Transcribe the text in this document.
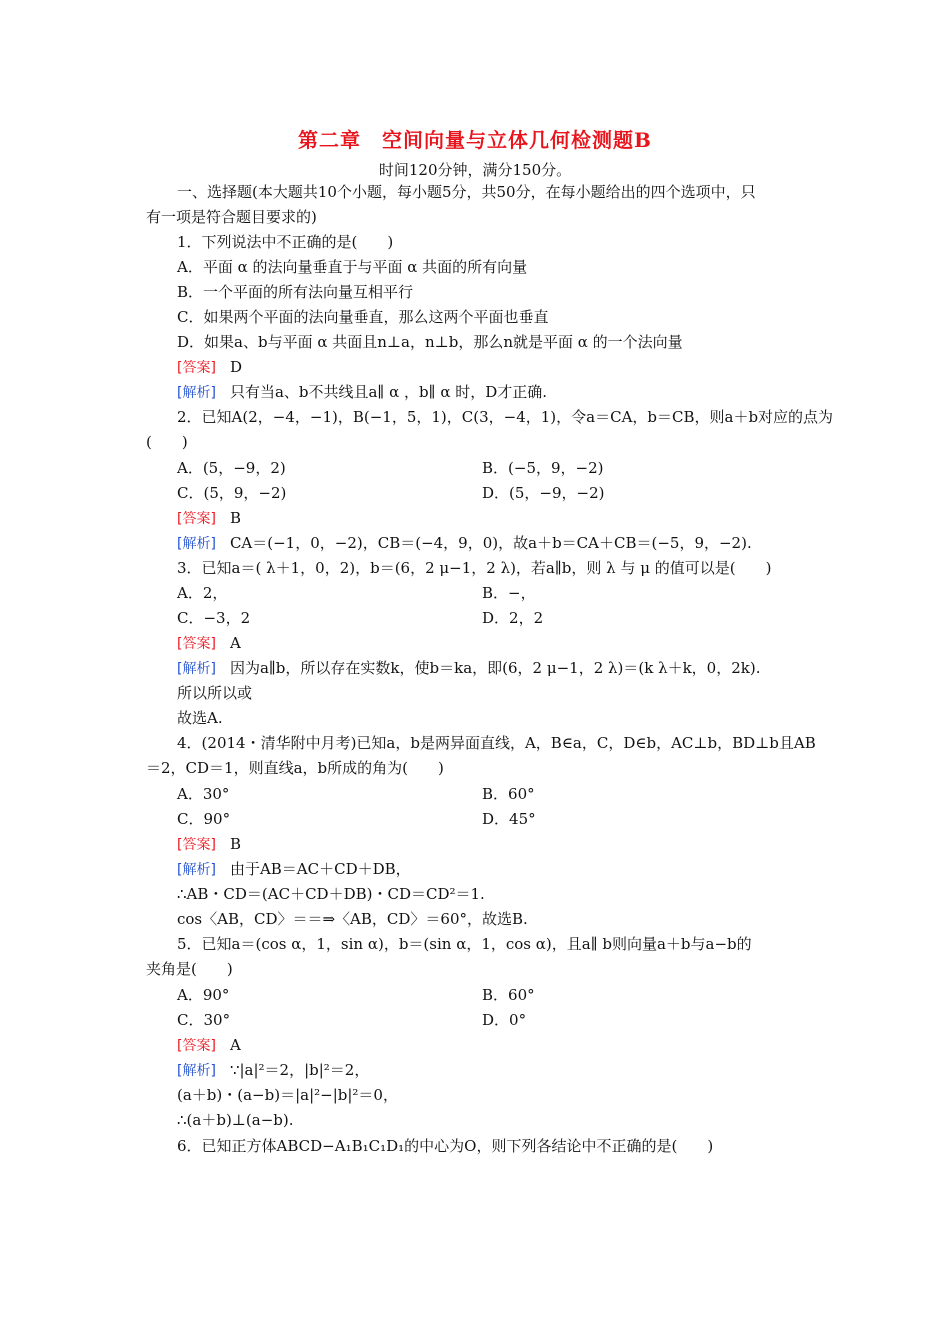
第二章　空间向量与立体几何检测题B
时间120分钟，满分150分。
一、选择题(本大题共10个小题，每小题5分，共50分，在每小题给出的四个选项中，只
有一项是符合题目要求的)
1．下列说法中不正确的是(　　)
A．平面 α 的法向量垂直于与平面 α 共面的所有向量
B．一个平面的所有法向量互相平行
C．如果两个平面的法向量垂直，那么这两个平面也垂直
D．如果a、b与平面 α 共面且n⊥a，n⊥b，那么n就是平面 α 的一个法向量
[答案] D
[解析] 只有当a、b不共线且a∥ α ，b∥ α 时，D才正确.
2．已知A(2，−4，−1)，B(−1，5，1)，C(3，−4，1)，令a＝CA，b＝CB，则a＋b对应的点为
(　　)
A．(5，−9，2)	B．(−5，9，−2)
C．(5，9，−2)	D．(5，−9，−2)
[答案] B
[解析] CA＝(−1，0，−2)，CB＝(−4，9，0)，故a＋b＝CA＋CB＝(−5，9，−2).
3．已知a＝( λ＋1，0，2)，b＝(6，2 μ−1，2 λ)，若a∥b，则 λ 与 μ 的值可以是(　　)
A．2，	B．−，
C．−3，2	D．2，2
[答案] A
[解析] 因为a∥b，所以存在实数k，使b＝ka，即(6，2 μ−1，2 λ)＝(k λ＋k，0，2k).
所以所以或
故选A.
4．(2014・清华附中月考)已知a，b是两异面直线，A，B∈a，C，D∈b，AC⊥b，BD⊥b且AB
＝2，CD＝1，则直线a，b所成的角为(　　)
A．30°	B．60°
C．90°	D．45°
[答案] B
[解析] 由于AB＝AC＋CD＋DB，
∴AB・CD＝(AC＋CD＋DB)・CD＝CD²＝1.
cos〈AB，CD〉＝＝⇒〈AB，CD〉＝60°，故选B.
5．已知a＝(cos α，1，sin α)，b＝(sin α，1，cos α)，且a∥ b则向量a＋b与a−b的
夹角是(　　)
A．90°	B．60°
C．30°	D．0°
[答案] A
[解析] ∵|a|²＝2，|b|²＝2，
(a＋b)・(a−b)＝|a|²−|b|²＝0，
∴(a＋b)⊥(a−b).
6．已知正方体ABCD−A₁B₁C₁D₁的中心为O，则下列各结论中不正确的是(　　)
